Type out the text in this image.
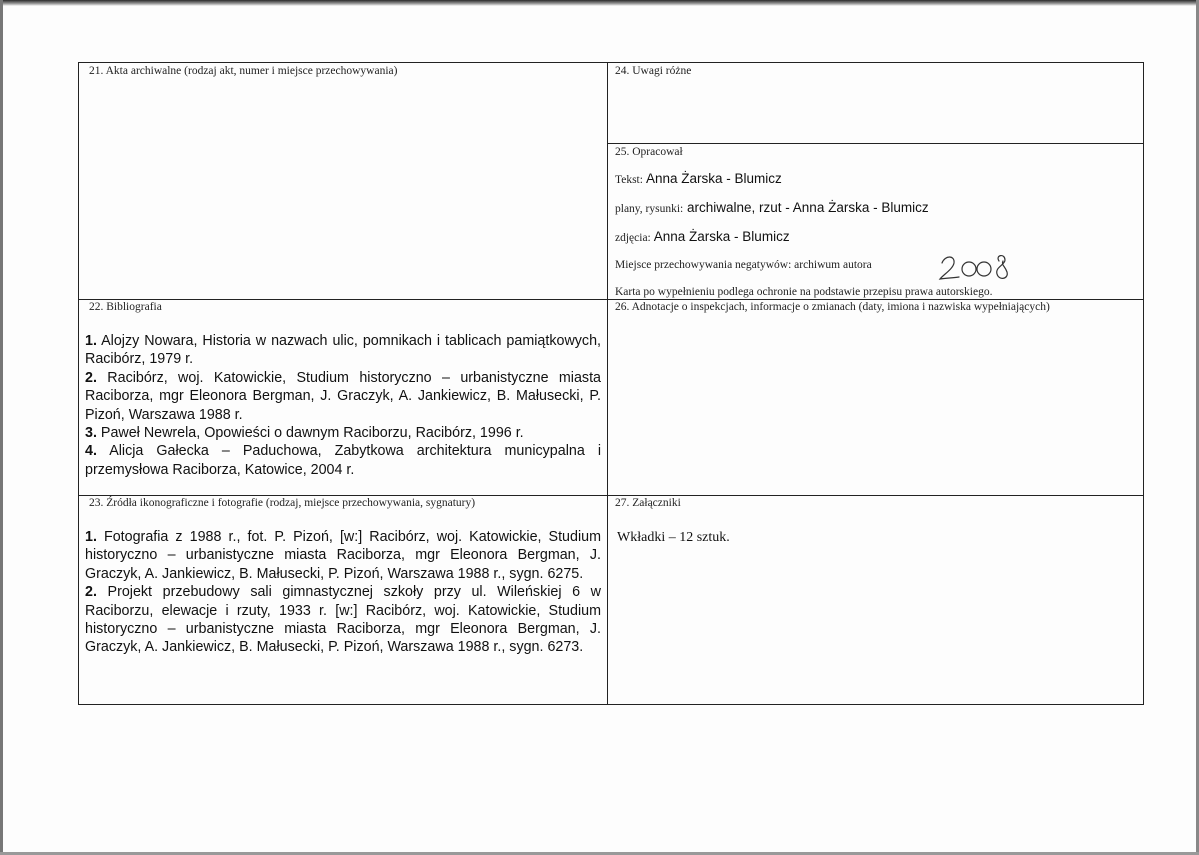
21. Akta archiwalne (rodzaj akt, numer i miejsce przechowywania)
22. Bibliografia
1. Alojzy Nowara, Historia w nazwach ulic, pomnikach i tablicach pamiątkowych, Racibórz, 1979 r.
2. Racibórz, woj. Katowickie, Studium historyczno – urbanistyczne miasta Raciborza, mgr Eleonora Bergman, J. Graczyk, A. Jankiewicz, B. Małusecki, P. Pizoń, Warszawa 1988 r.
3. Paweł Newrela, Opowieści o dawnym Raciborzu, Racibórz, 1996 r.
4. Alicja Gałecka – Paduchowa, Zabytkowa architektura municypalna i przemysłowa Raciborza, Katowice, 2004 r.
23. Źródła ikonograficzne i fotografie (rodzaj, miejsce przechowywania, sygnatury)
1. Fotografia z 1988 r., fot. P. Pizoń, [w:] Racibórz, woj. Katowickie, Studium historyczno – urbanistyczne miasta Raciborza, mgr Eleonora Bergman, J. Graczyk, A. Jankiewicz, B. Małusecki, P. Pizoń, Warszawa 1988 r., sygn. 6275.
2. Projekt przebudowy sali gimnastycznej szkoły przy ul. Wileńskiej 6 w Raciborzu, elewacje i rzuty, 1933 r. [w:] Racibórz, woj. Katowickie, Studium historyczno – urbanistyczne miasta Raciborza, mgr Eleonora Bergman, J. Graczyk, A. Jankiewicz, B. Małusecki, P. Pizoń, Warszawa 1988 r., sygn. 6273.
24. Uwagi różne
25. Opracował
Tekst: Anna Żarska - Blumicz
plany, rysunki: archiwalne, rzut - Anna Żarska - Blumicz
zdjęcia: Anna Żarska - Blumicz
Miejsce przechowywania negatywów: archiwum autora
Karta po wypełnieniu podlega ochronie na podstawie przepisu prawa autorskiego.
26. Adnotacje o inspekcjach, informacje o zmianach (daty, imiona i nazwiska wypełniających)
27. Załączniki
Wkładki – 12 sztuk.
